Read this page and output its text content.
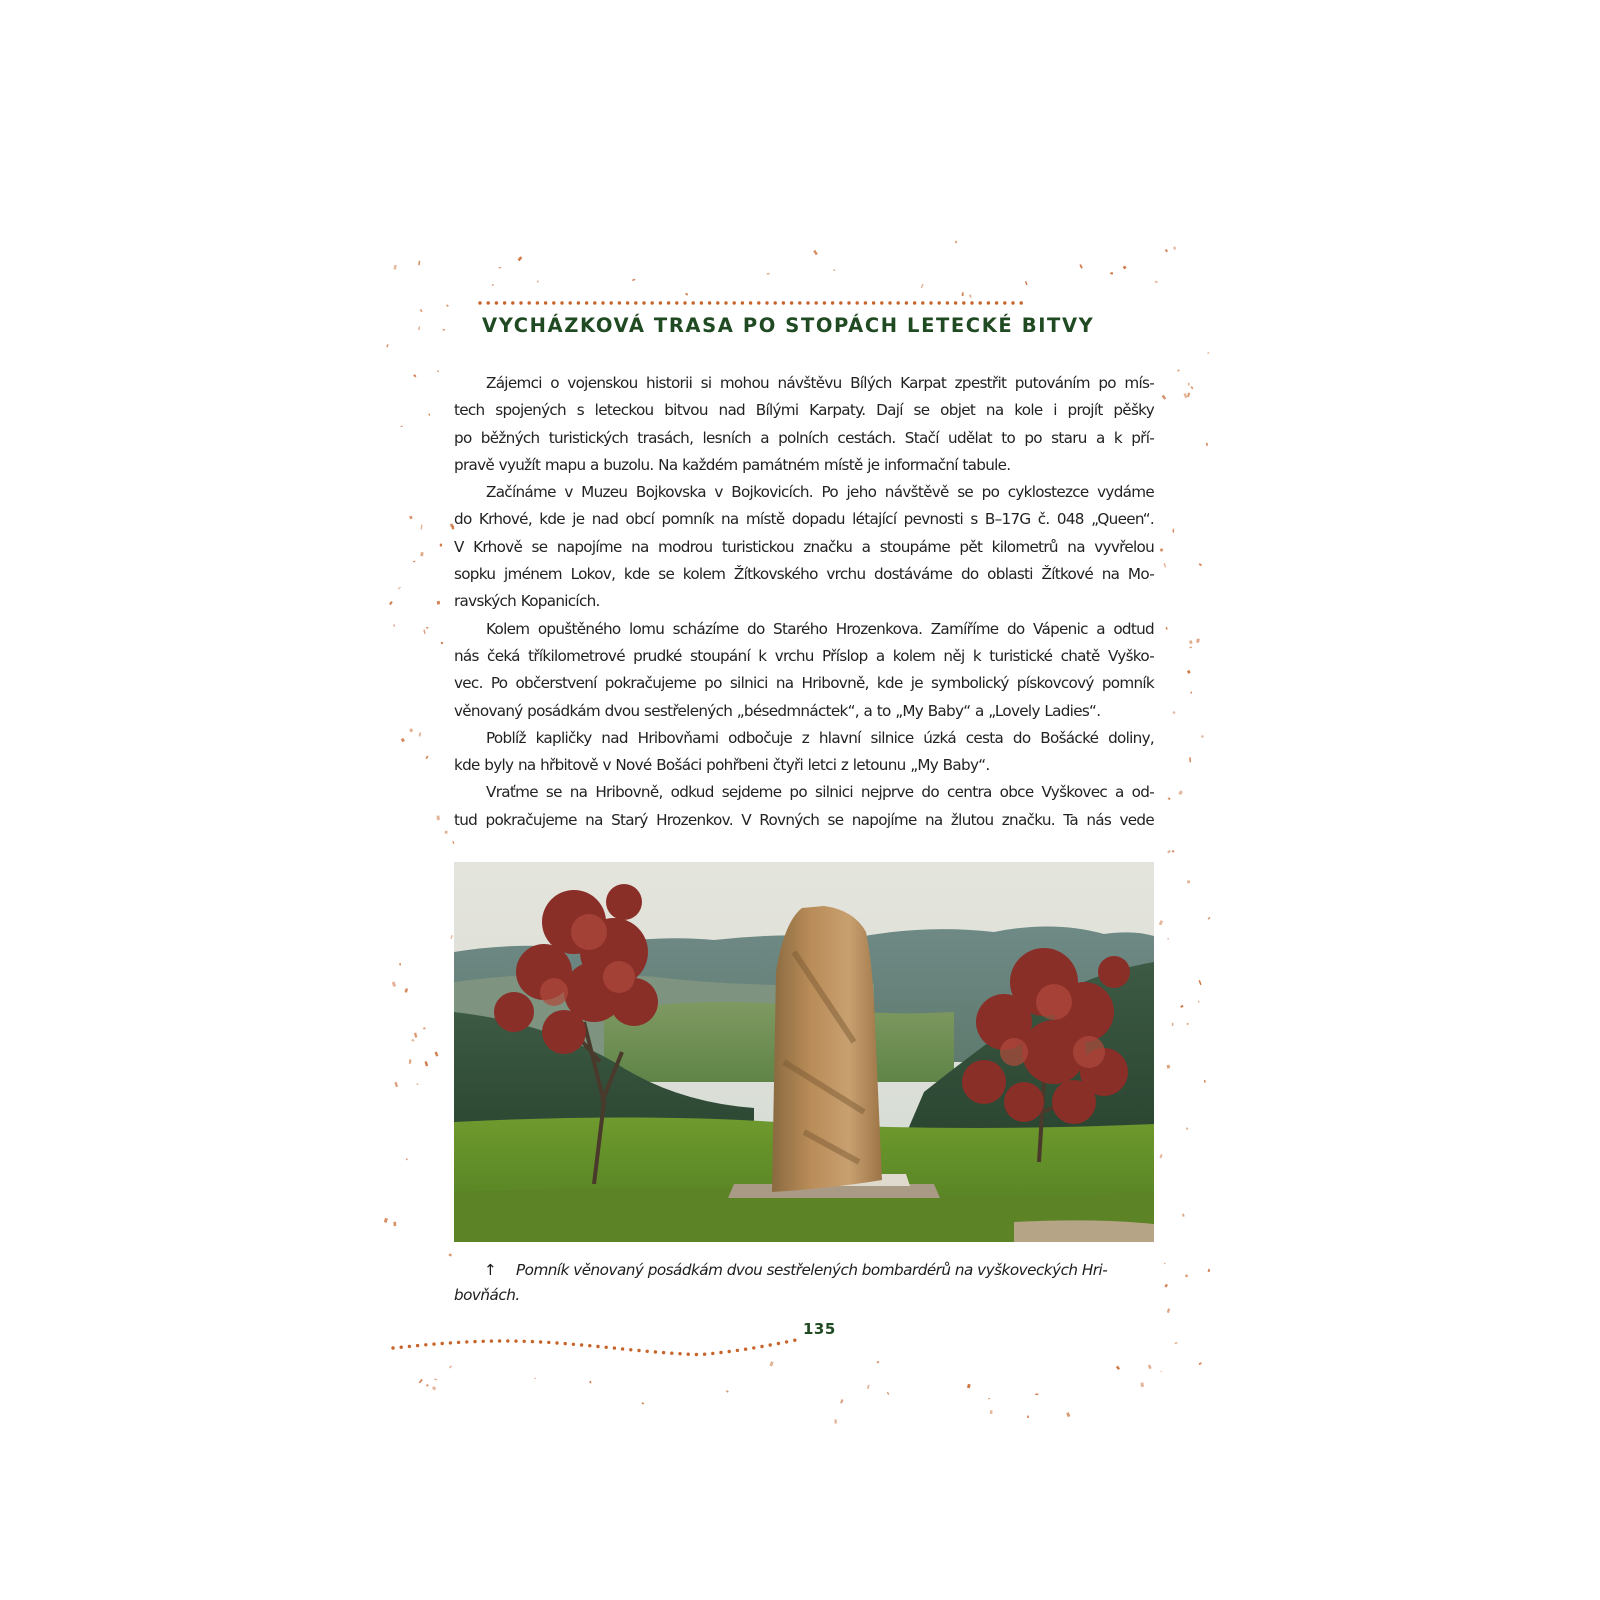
VYCHÁZKOVÁ TRASA PO STOPÁCH LETECKÉ BITVY
Zájemci o vojenskou historii si mohou návštěvu Bílých Karpat zpestřit putováním po mís-
tech spojených s leteckou bitvou nad Bílými Karpaty. Dají se objet na kole i projít pěšky
po běžných turistických trasách, lesních a polních cestách. Stačí udělat to po staru a k pří-
pravě využít mapu a buzolu. Na každém památném místě je informační tabule.
Začínáme v Muzeu Bojkovska v Bojkovicích. Po jeho návštěvě se po cyklostezce vydáme
do Krhové, kde je nad obcí pomník na místě dopadu létající pevnosti s B–17G č. 048 „Queen“.
V Krhově se napojíme na modrou turistickou značku a stoupáme pět kilometrů na vyvřelou
sopku jménem Lokov, kde se kolem Žítkovského vrchu dostáváme do oblasti Žítkové na Mo-
ravských Kopanicích.
Kolem opuštěného lomu scházíme do Starého Hrozenkova. Zamíříme do Vápenic a odtud
nás čeká tříkilometrové prudké stoupání k vrchu Příslop a kolem něj k turistické chatě Vyško-
vec. Po občerstvení pokračujeme po silnici na Hribovně, kde je symbolický pískovcový pomník
věnovaný posádkám dvou sestřelených „bésedmnáctek“, a to „My Baby“ a „Lovely Ladies“.
Poblíž kapličky nad Hribovňami odbočuje z hlavní silnice úzká cesta do Bošácké doliny,
kde byly na hřbitově v Nové Bošáci pohřbeni čtyři letci z letounu „My Baby“.
Vraťme se na Hribovně, odkud sejdeme po silnici nejprve do centra obce Vyškovec a od-
tud pokračujeme na Starý Hrozenkov. V Rovných se napojíme na žlutou značku. Ta nás vede
↑ Pomník věnovaný posádkám dvou sestřelených bombardérů na vyškoveckých Hri-bovňách.
135
